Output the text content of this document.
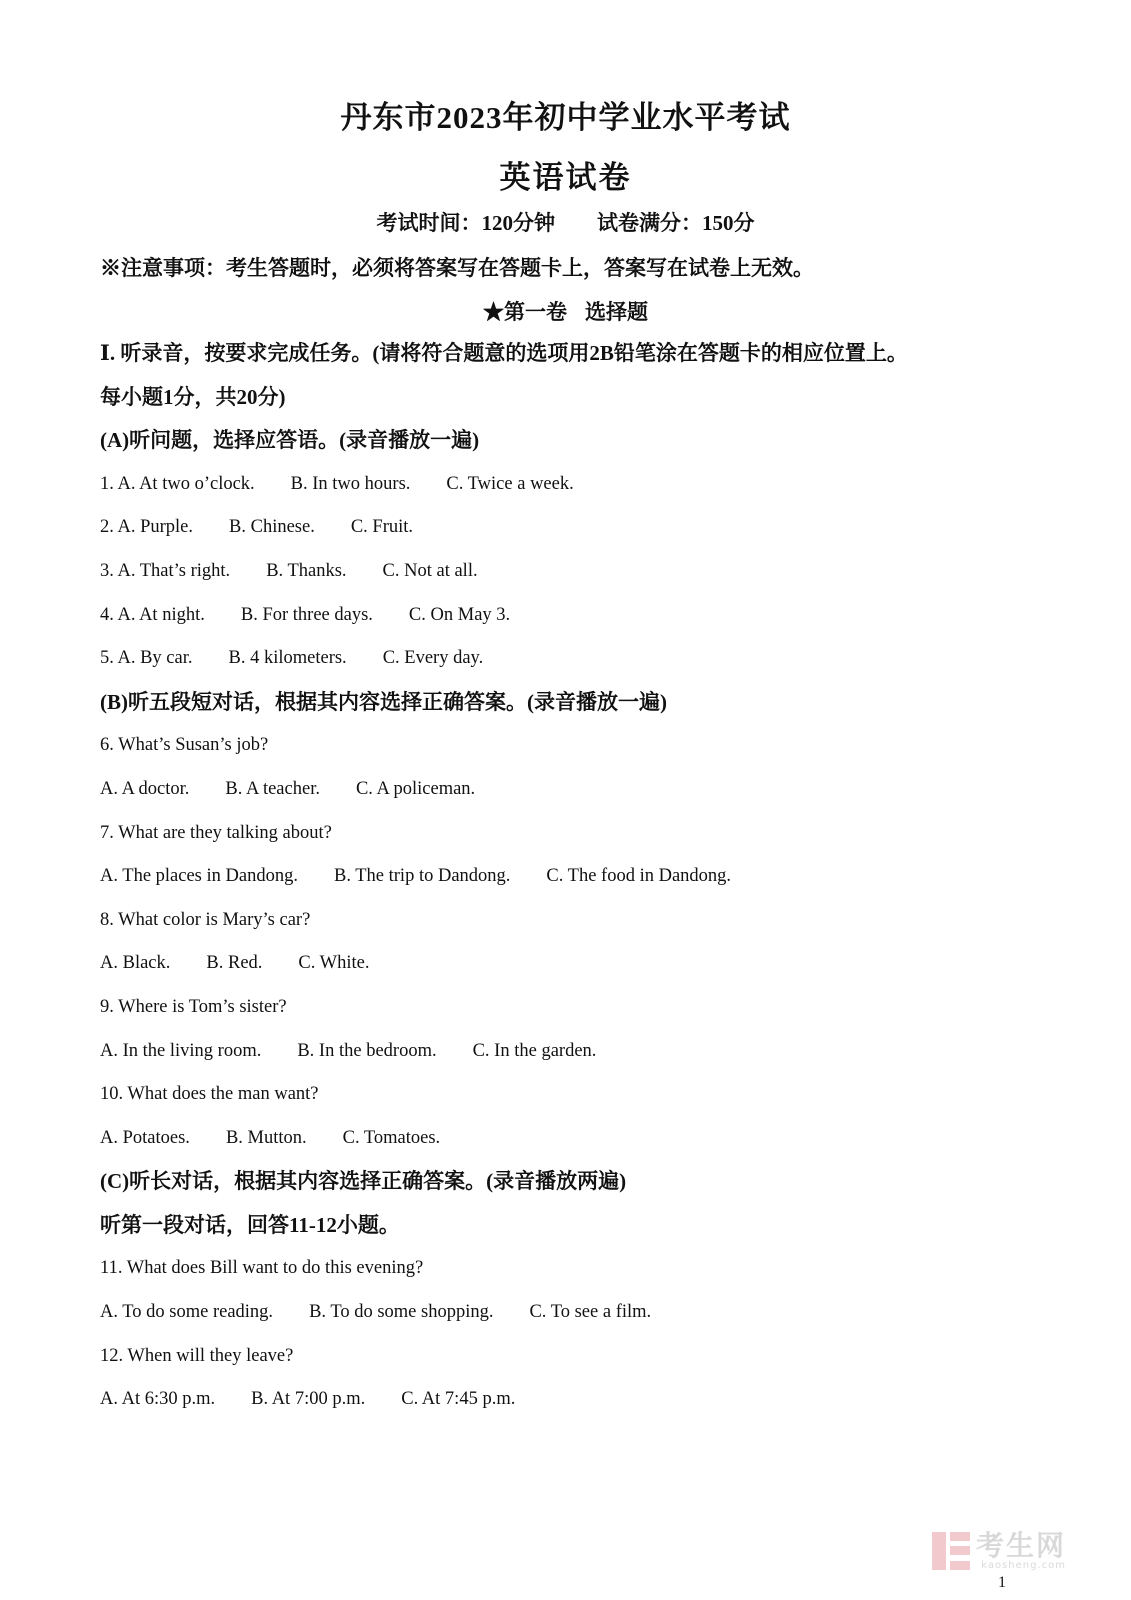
丹东市2023年初中学业水平考试
英语试卷
考试时间：120分钟 试卷满分：150分
※注意事项：考生答题时，必须将答案写在答题卡上，答案写在试卷上无效。
★第一卷 选择题
Ⅰ. 听录音，按要求完成任务。(请将符合题意的选项用2B铅笔涂在答题卡的相应位置上。
每小题1分，共20分)
(A)听问题，选择应答语。(录音播放一遍)
1. A. At two o’clock. B. In two hours. C. Twice a week.
2. A. Purple. B. Chinese. C. Fruit.
3. A. That’s right. B. Thanks. C. Not at all.
4. A. At night. B. For three days. C. On May 3.
5. A. By car. B. 4 kilometers. C. Every day.
(B)听五段短对话，根据其内容选择正确答案。(录音播放一遍)
6. What’s Susan’s job?
A. A doctor. B. A teacher. C. A policeman.
7. What are they talking about?
A. The places in Dandong. B. The trip to Dandong. C. The food in Dandong.
8. What color is Mary’s car?
A. Black. B. Red. C. White.
9. Where is Tom’s sister?
A. In the living room. B. In the bedroom. C. In the garden.
10. What does the man want?
A. Potatoes. B. Mutton. C. Tomatoes.
(C)听长对话，根据其内容选择正确答案。(录音播放两遍)
听第一段对话，回答11-12小题。
11. What does Bill want to do this evening?
A. To do some reading. B. To do some shopping. C. To see a film.
12. When will they leave?
A. At 6:30 p.m. B. At 7:00 p.m. C. At 7:45 p.m.
考生网
kaosheng.com
1
